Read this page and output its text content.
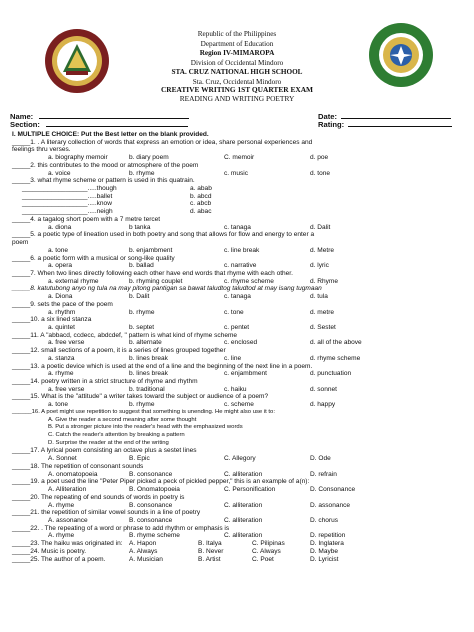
Republic of the Philippines
Department of Education
Region IV-MIMAROPA
Division of Occidental Mindoro
STA. CRUZ NATIONAL HIGH SCHOOL
Sta. Cruz, Occidental Mindoro
CREATIVE WRITING 1ST QUARTER EXAM
READING AND WRITING POETRY
Name:
Section:
Date:
Rating:
I. MULTIPLE CHOICE: Put the Best letter on the blank provided.
_____1. . A literary collection of words that express an emotion or idea, share personal experiences and
feelings thru verses.
a. biography memoir	b. diary poem	C. memoir	d. poe
_____2. this contributes to the mood or atmosphere of the poem
a. voice	b. rhyme	c. music	d. tone
_____3. what rhyme scheme or pattern is used in this quatrain.
__________________.....though	a. abab
__________________.....ballet	b. abcd
__________________.....know	c. abcb
__________________.....neigh	d. abac
_____4. a tagalog short poem with a 7 metre tercet
a. diona	b tanka	c. tanaga	d. Dalit
_____5. a poetic type of lineation used in both poetry and song that allows for flow and energy to enter a
poem
a. tone	b. enjambment	c. line break	d. Metre
_____6. a poetic form with a musical or song-like quality
a. opera	b. ballad	c. narrative	d. lyric
_____7. When two lines directly following each other have end words that rhyme with each other.
a. external rhyme	b. rhyming couplet	c. rhyme scheme	d. Rhyme
_____8. katutubong anyo ng tula na may pitong pantigan sa bawat taludtog taludtod at may isang tugmaan
a. Diona	b. Dalit	c. tanaga	d. tula
_____9. sets the pace of the poem
a. rhythm	b. rhyme	c. tone	d. metre
_____10. a six lined stanza
a. quintet	b. septet	c. pentet	d. Sestet
_____11. A "abbacd, ccdecc, abdcdef, " pattern is what kind of rhyme scheme
a. free verse	b. alternate	c. enclosed	d. all of the above
_____12. small sections of a poem, it is a series of lines grouped together
a. stanza	b. lines break	c. line	d. rhyme scheme
_____13. a poetic device which is used at the end of a line and the beginning of the next line in a poem.
a. rhyme	b. lines break	c. enjambment	d. punctuation
_____14. poetry written in a strict structure of rhyme and rhythm
a. free verse	b. traditional	c. haiku	d. sonnet
_____15. What is the "attitude" a writer takes toward the subject or audience of a poem?
a. tone	b. rhyme	c. scheme	d. happy
______16. A poet might use repetition to suggest that something is unending. He might also use it to:
A. Give the reader a second meaning after some thought
B. Put a stronger picture into the reader's head with the emphasized words
C. Catch the reader's attention by breaking a pattern
D. Surprise the reader at the end of the writing
_____17. A lyrical poem consisting an octave plus a sestet lines
A. Sonnet	B. Epic	C. Allegory	D. Ode
_____18. The repetition of consonant sounds
A. onomatopoeia	B. consonance	C. alliteration	D. refrain
_____19. a poet used the line "Peter Piper picked a peck of pickled pepper," this is an example of a(n):
A. Alliteration	B. Onomatopoeia	C. Personification	D. Consonance
_____20. The repeating of end sounds of words in poetry is
A. rhyme	B. consonance	C. alliteration	D. assonance
_____21. the repetition of similar vowel sounds in a line of poetry
A. assonance	B. consonance	C. alliteration	D. chorus
_____22. . The repeating of a word or phrase to add rhythm or emphasis is
A. rhyme	B. rhyme scheme	C. alliteration	D. repetition
_____23. The haiku was originated in: A. Hapon	B. Italya	C. Pilipinas	D. Inglatera
_____24. Music is poetry.	A. Always	B. Never	C. Always	D. Maybe
_____25. The author of a poem.	A. Musician	B. Artist	C. Poet	D. Lyricist
